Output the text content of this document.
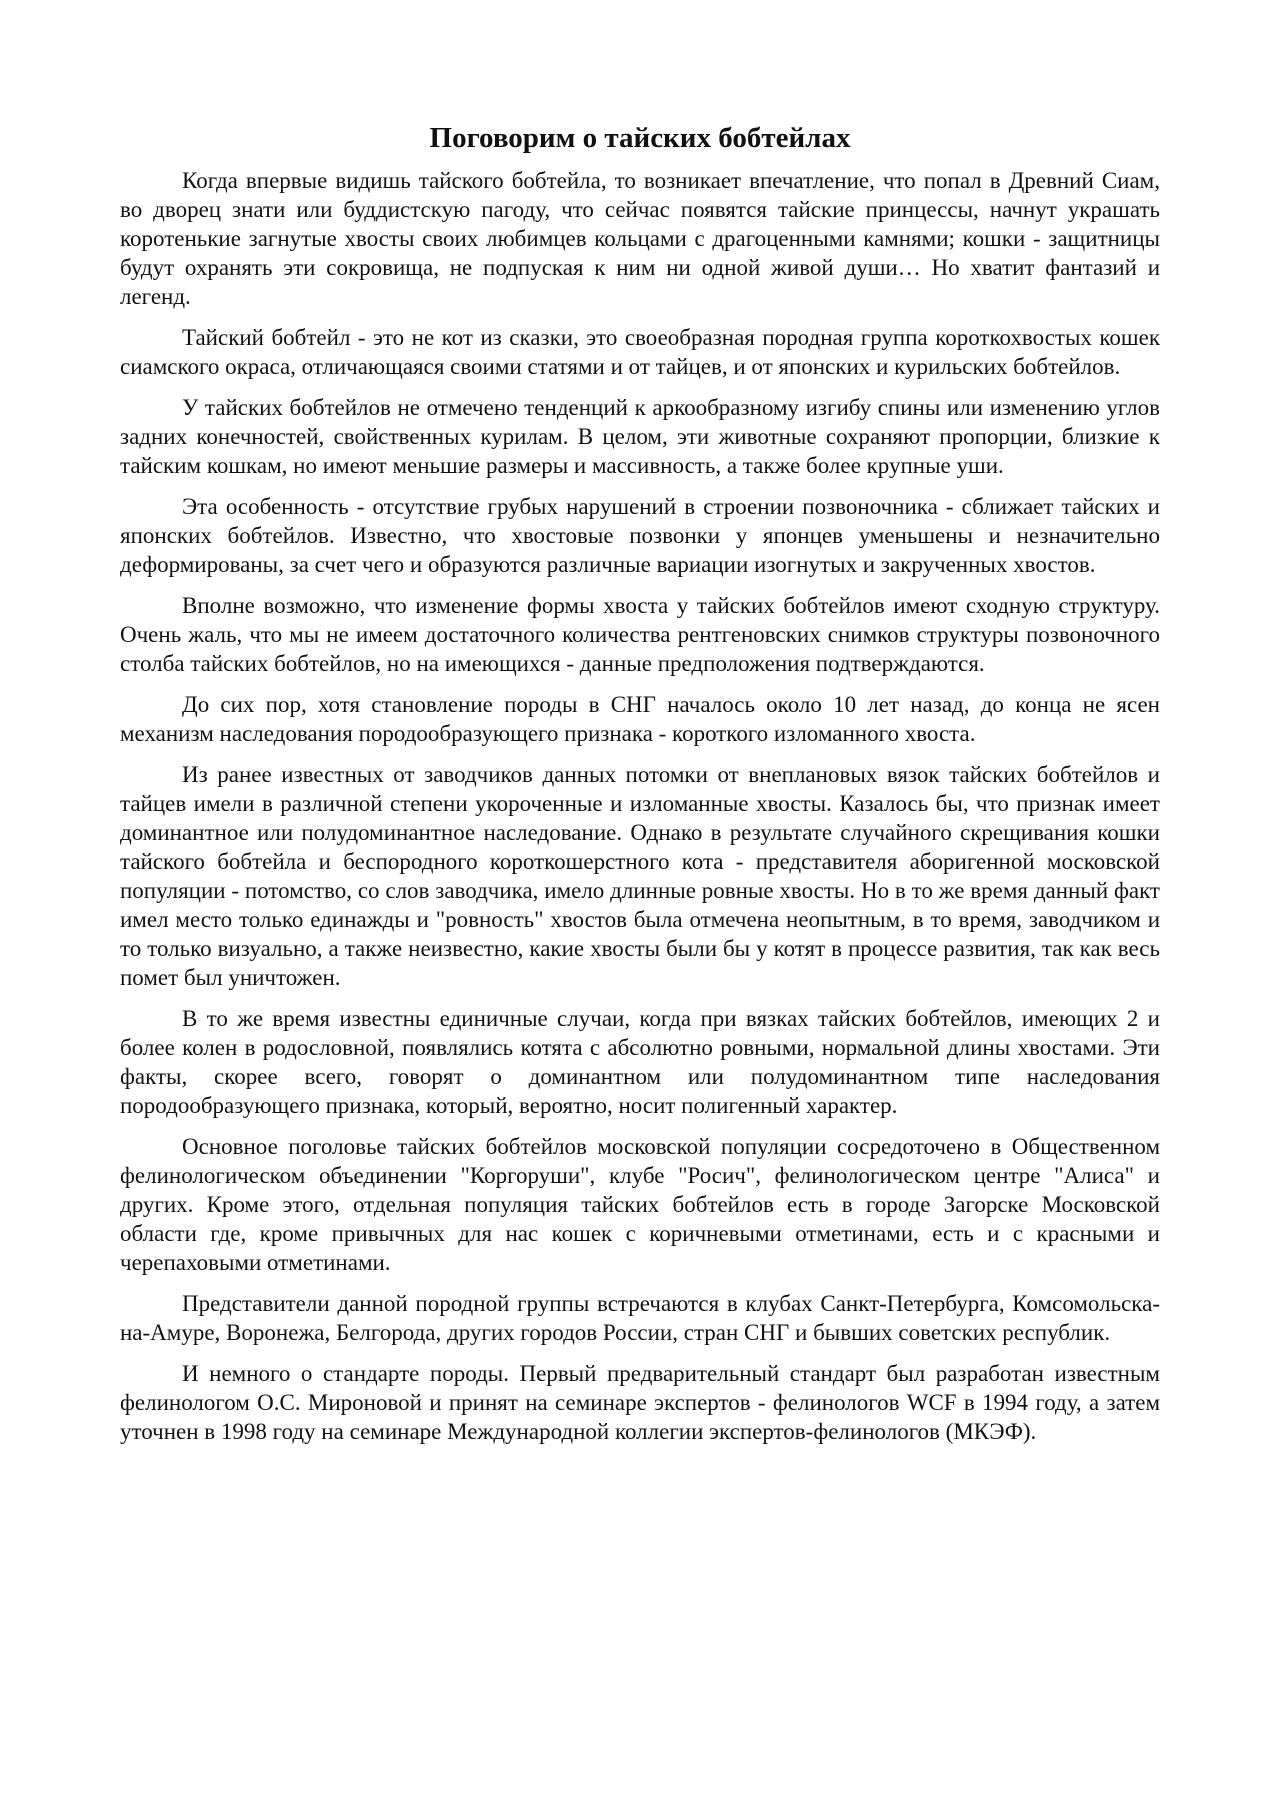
Поговорим о тайских бобтейлах

Когда впервые видишь тайского бобтейла, то возникает впечатление, что попал в Древний Сиам, во дворец знати или буддистскую пагоду, что сейчас появятся тайские принцессы, начнут украшать коротенькие загнутые хвосты своих любимцев кольцами с драгоценными камнями; кошки - защитницы будут охранять эти сокровища, не подпуская к ним ни одной живой души… Но хватит фантазий и легенд.

Тайский бобтейл - это не кот из сказки, это своеобразная породная группа короткохвостых кошек сиамского окраса, отличающаяся своими статями и от тайцев, и от японских и курильских бобтейлов.

У тайских бобтейлов не отмечено тенденций к аркообразному изгибу спины или изменению углов задних конечностей, свойственных курилам. В целом, эти животные сохраняют пропорции, близкие к тайским кошкам, но имеют меньшие размеры и массивность, а также более крупные уши.

Эта особенность - отсутствие грубых нарушений в строении позвоночника - сближает тайских и японских бобтейлов. Известно, что хвостовые позвонки у японцев уменьшены и незначительно деформированы, за счет чего и образуются различные вариации изогнутых и закрученных хвостов.

Вполне возможно, что изменение формы хвоста у тайских бобтейлов имеют сходную структуру. Очень жаль, что мы не имеем достаточного количества рентгеновских снимков структуры позвоночного столба тайских бобтейлов, но на имеющихся - данные предположения подтверждаются.

До сих пор, хотя становление породы в СНГ началось около 10 лет назад, до конца не ясен механизм наследования породообразующего признака - короткого изломанного хвоста.

Из ранее известных от заводчиков данных потомки от внеплановых вязок тайских бобтейлов и тайцев имели в различной степени укороченные и изломанные хвосты. Казалось бы, что признак имеет доминантное или полудоминантное наследование. Однако в результате случайного скрещивания кошки тайского бобтейла и беспородного короткошерстного кота - представителя аборигенной московской популяции - потомство, со слов заводчика, имело длинные ровные хвосты. Но в то же время данный факт имел место только единажды и "ровность" хвостов была отмечена неопытным, в то время, заводчиком и то только визуально, а также неизвестно, какие хвосты были бы у котят в процессе развития, так как весь помет был уничтожен.

В то же время известны единичные случаи, когда при вязках тайских бобтейлов, имеющих 2 и более колен в родословной, появлялись котята с абсолютно ровными, нормальной длины хвостами. Эти факты, скорее всего, говорят о доминантном или полудоминантном типе наследования породообразующего признака, который, вероятно, носит полигенный характер.

Основное поголовье тайских бобтейлов московской популяции сосредоточено в Общественном фелинологическом объединении "Коргоруши", клубе "Росич", фелинологическом центре "Алиса" и других. Кроме этого, отдельная популяция тайских бобтейлов есть в городе Загорске Московской области где, кроме привычных для нас кошек с коричневыми отметинами, есть и с красными и черепаховыми отметинами.

Представители данной породной группы встречаются в клубах Санкт-Петербурга, Комсомольска-на-Амуре, Воронежа, Белгорода, других городов России, стран СНГ и бывших советских республик.

И немного о стандарте породы. Первый предварительный стандарт был разработан известным фелинологом О.С. Мироновой и принят на семинаре экспертов - фелинологов WCF в 1994 году, а затем уточнен в 1998 году на семинаре Международной коллегии экспертов-фелинологов (МКЭФ).
